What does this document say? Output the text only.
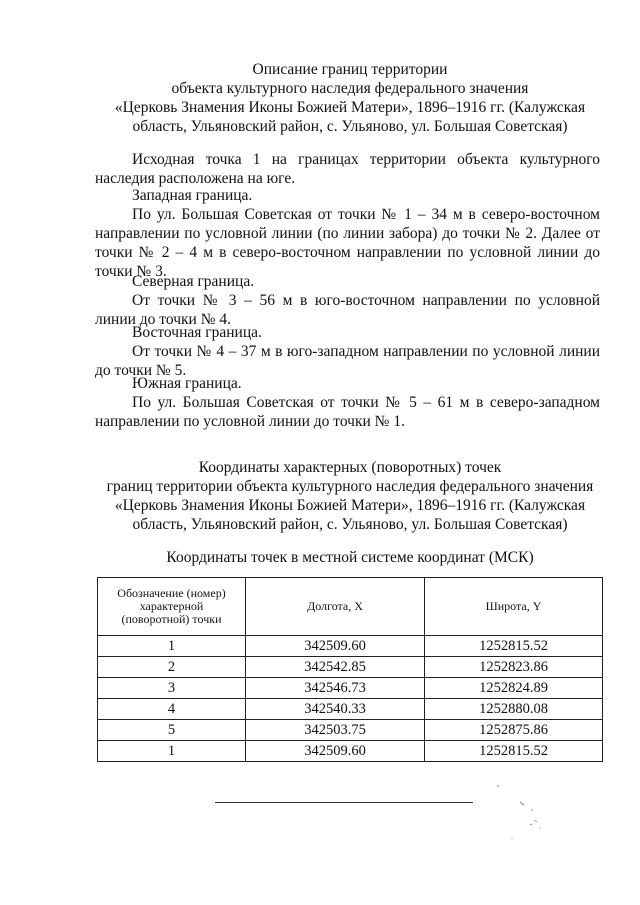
Описание границ территории
объекта культурного наследия федерального значения
«Церковь Знамения Иконы Божией Матери», 1896–1916 гг. (Калужская
область, Ульяновский район, с. Ульяново, ул. Большая Советская)

Исходная точка 1 на границах территории объекта культурного наследия расположена на юге.

Западная граница.

По ул. Большая Советская от точки № 1 – 34 м в северо-восточном направлении по условной линии (по линии забора) до точки № 2. Далее от точки № 2 – 4 м в северо-восточном направлении по условной линии до точки № 3.

Северная граница.

От точки № 3 – 56 м в юго-восточном направлении по условной линии до точки № 4.

Восточная граница.

От точки № 4 – 37 м в юго-западном направлении по условной линии до точки № 5.

Южная граница.

По ул. Большая Советская от точки № 5 – 61 м в северо-западном направлении по условной линии до точки № 1.

Координаты характерных (поворотных) точек
границ территории объекта культурного наследия федерального значения
«Церковь Знамения Иконы Божией Матери», 1896–1916 гг. (Калужская
область, Ульяновский район, с. Ульяново, ул. Большая Советская)
Координаты точек в местной системе координат (МСК)
Обозначение (номер)
характерной
(поворотной) точки	Долгота, X	Широта, Y
1	342509.60	1252815.52
2	342542.85	1252823.86
3	342546.73	1252824.89
4	342540.33	1252880.08
5	342503.75	1252875.86
1	342509.60	1252815.52
